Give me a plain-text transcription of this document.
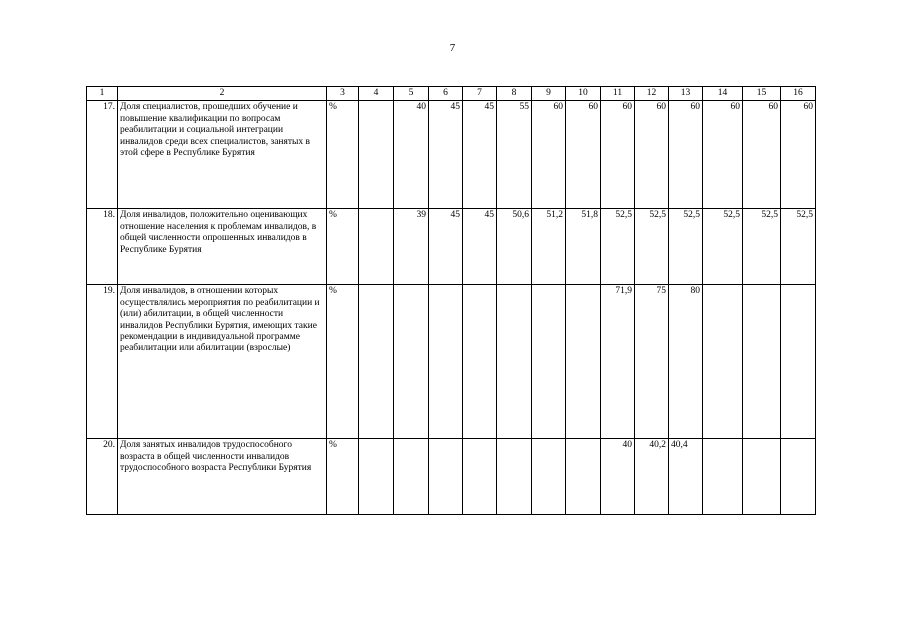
7
1	2	3	4	5	6	7	8	9	10	11	12	13	14	15	16
17.	Доля специалистов, прошедших обучение и повышение квалификации по вопросам реабилитации и социальной интеграции инвалидов среди всех специалистов, занятых в этой сфере в Республике Бурятия	%		40	45	45	55	60	60	60	60	60	60	60	60
18.	Доля инвалидов, положительно оценивающих отношение населения к проблемам инвалидов, в общей численности опрошенных инвалидов в Республике Бурятия	%		39	45	45	50,6	51,2	51,8	52,5	52,5	52,5	52,5	52,5	52,5
19.	Доля инвалидов, в отношении которых осуществлялись мероприятия по реабилитации и (или) абилитации, в общей численности инвалидов Республики Бурятия, имеющих такие рекомендации в индивидуальной программе реабилитации или абилитации (взрослые)	%								71,9	75	80			
20.	Доля занятых инвалидов трудоспособного возраста в общей численности инвалидов трудоспособного возраста Республики Бурятия	%								40	40,2	40,4			
